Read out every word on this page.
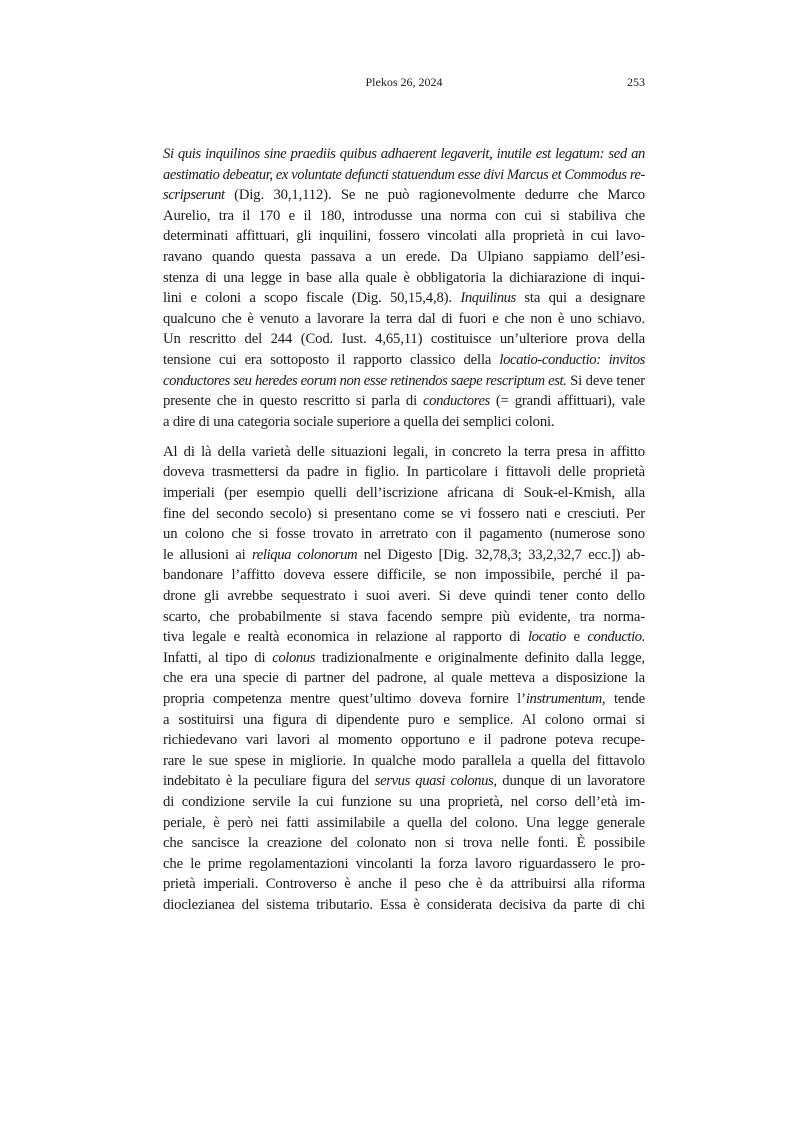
Plekos 26, 2024	253
Si quis inquilinos sine praediis quibus adhaerent legaverit, inutile est legatum: sed an
aestimatio debeatur, ex voluntate defuncti statuendum esse divi Marcus et Commodus re-
scripserunt (Dig. 30,1,112). Se ne può ragionevolmente dedurre che Marco
Aurelio, tra il 170 e il 180, introdusse una norma con cui si stabiliva che
determinati affittuari, gli inquilini, fossero vincolati alla proprietà in cui lavo-
ravano quando questa passava a un erede. Da Ulpiano sappiamo dell’esi-
stenza di una legge in base alla quale è obbligatoria la dichiarazione di inqui-
lini e coloni a scopo fiscale (Dig. 50,15,4,8). Inquilinus sta qui a designare
qualcuno che è venuto a lavorare la terra dal di fuori e che non è uno schiavo.
Un rescritto del 244 (Cod. Iust. 4,65,11) costituisce un’ulteriore prova della
tensione cui era sottoposto il rapporto classico della locatio-conductio: invitos
conductores seu heredes eorum non esse retinendos saepe rescriptum est. Si deve tener
presente che in questo rescritto si parla di conductores (= grandi affittuari), vale
a dire di una categoria sociale superiore a quella dei semplici coloni.
Al di là della varietà delle situazioni legali, in concreto la terra presa in affitto
doveva trasmettersi da padre in figlio. In particolare i fittavoli delle proprietà
imperiali (per esempio quelli dell’iscrizione africana di Souk-el-Kmish, alla
fine del secondo secolo) si presentano come se vi fossero nati e cresciuti. Per
un colono che si fosse trovato in arretrato con il pagamento (numerose sono
le allusioni ai reliqua colonorum nel Digesto [Dig. 32,78,3; 33,2,32,7 ecc.]) ab-
bandonare l’affitto doveva essere difficile, se non impossibile, perché il pa-
drone gli avrebbe sequestrato i suoi averi. Si deve quindi tener conto dello
scarto, che probabilmente si stava facendo sempre più evidente, tra norma-
tiva legale e realtà economica in relazione al rapporto di locatio e conductio.
Infatti, al tipo di colonus tradizionalmente e originalmente definito dalla legge,
che era una specie di partner del padrone, al quale metteva a disposizione la
propria competenza mentre quest’ultimo doveva fornire l’instrumentum, tende
a sostituirsi una figura di dipendente puro e semplice. Al colono ormai si
richiedevano vari lavori al momento opportuno e il padrone poteva recupe-
rare le sue spese in migliorie. In qualche modo parallela a quella del fittavolo
indebitato è la peculiare figura del servus quasi colonus, dunque di un lavoratore
di condizione servile la cui funzione su una proprietà, nel corso dell’età im-
periale, è però nei fatti assimilabile a quella del colono. Una legge generale
che sancisce la creazione del colonato non si trova nelle fonti. È possibile
che le prime regolamentazioni vincolanti la forza lavoro riguardassero le pro-
prietà imperiali. Controverso è anche il peso che è da attribuirsi alla riforma
dioclezianea del sistema tributario. Essa è considerata decisiva da parte di chi
